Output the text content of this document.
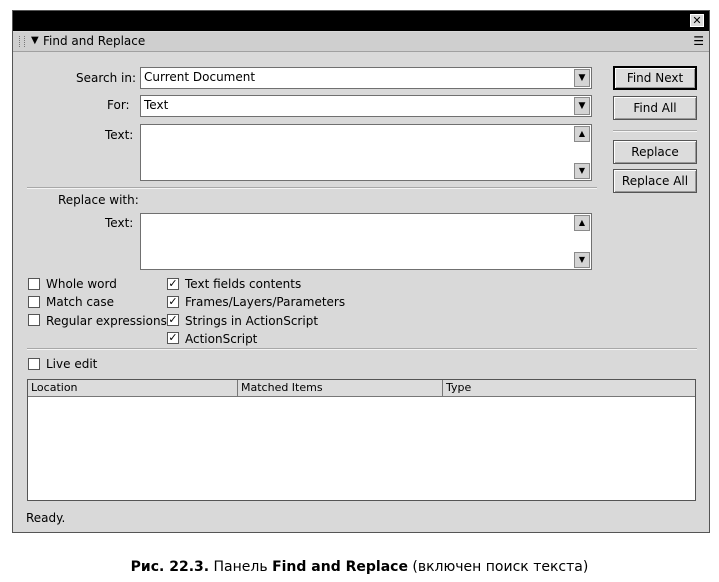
✕
▼ Find and Replace	☰
Search in: Current Document	▼
For: Text	▼
Text:	▲
▼
Find Next
Find All
Replace
Replace All
Replace with:
Text:	▲
▼
Whole word
Match case
Regular expressions
✓ Text fields contents
✓ Frames/Layers/Parameters
✓ Strings in ActionScript
✓ ActionScript
Live edit
Location	Matched Items	Type
Ready.
Рис. 22.3. Панель Find and Replace (включен поиск текста)
